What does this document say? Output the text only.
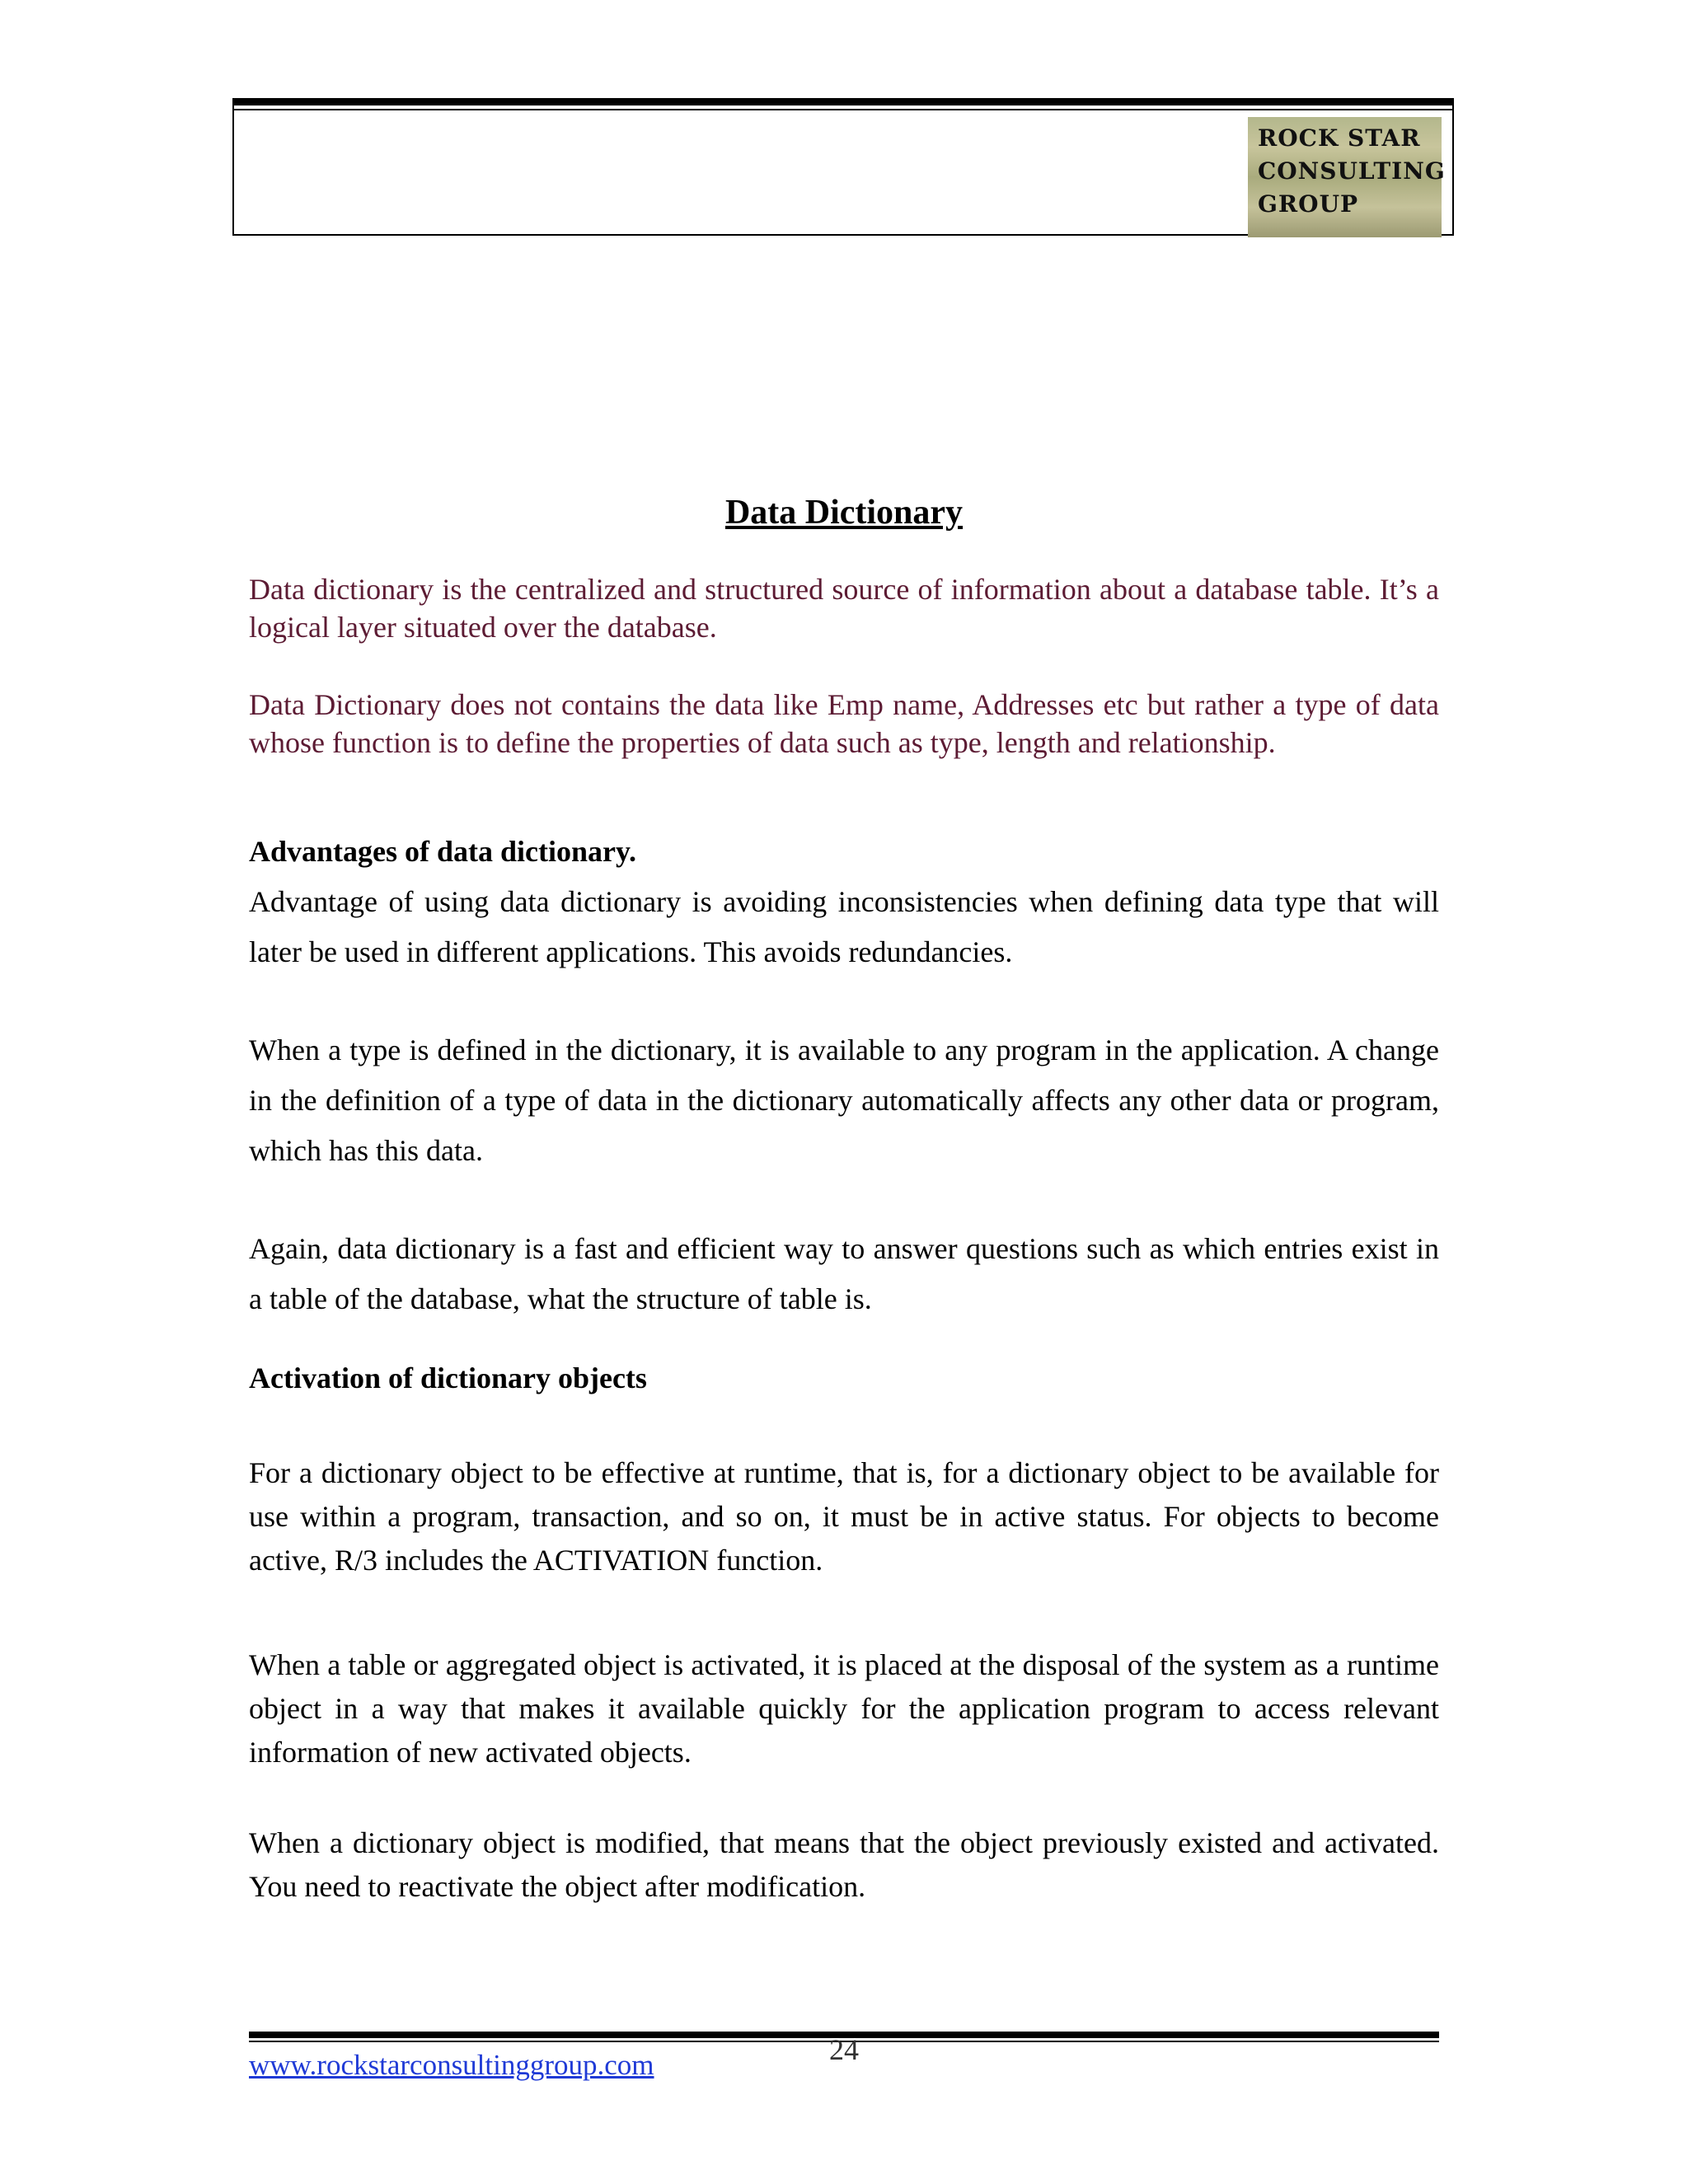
ROCK STAR
CONSULTING
GROUP
Data Dictionary

Data dictionary is the centralized and structured source of information about a database table. It’s a logical layer situated over the database.

Data Dictionary does not contains the data like Emp name, Addresses etc but rather a type of data whose function is to define the properties of data such as type, length and relationship.

Advantages of data dictionary.

Advantage of using data dictionary is avoiding inconsistencies when defining data type that will later be used in different applications. This avoids redundancies.

When a type is defined in the dictionary, it is available to any program in the application. A change in the definition of a type of data in the dictionary automatically affects any other data or program, which has this data.

Again, data dictionary is a fast and efficient way to answer questions such as which entries exist in a table of the database, what the structure of table is.

Activation of dictionary objects

For a dictionary object to be effective at runtime, that is, for a dictionary object to be available for use within a program, transaction, and so on, it must be in active status. For objects to become active, R/3 includes the ACTIVATION function.

When a table or aggregated object is activated, it is placed at the disposal of the system as a runtime object in a way that makes it available quickly for the application program to access relevant information of new activated objects.

When a dictionary object is modified, that means that the object previously existed and activated. You need to reactivate the object after modification.

www.rockstarconsultinggroup.com	24
